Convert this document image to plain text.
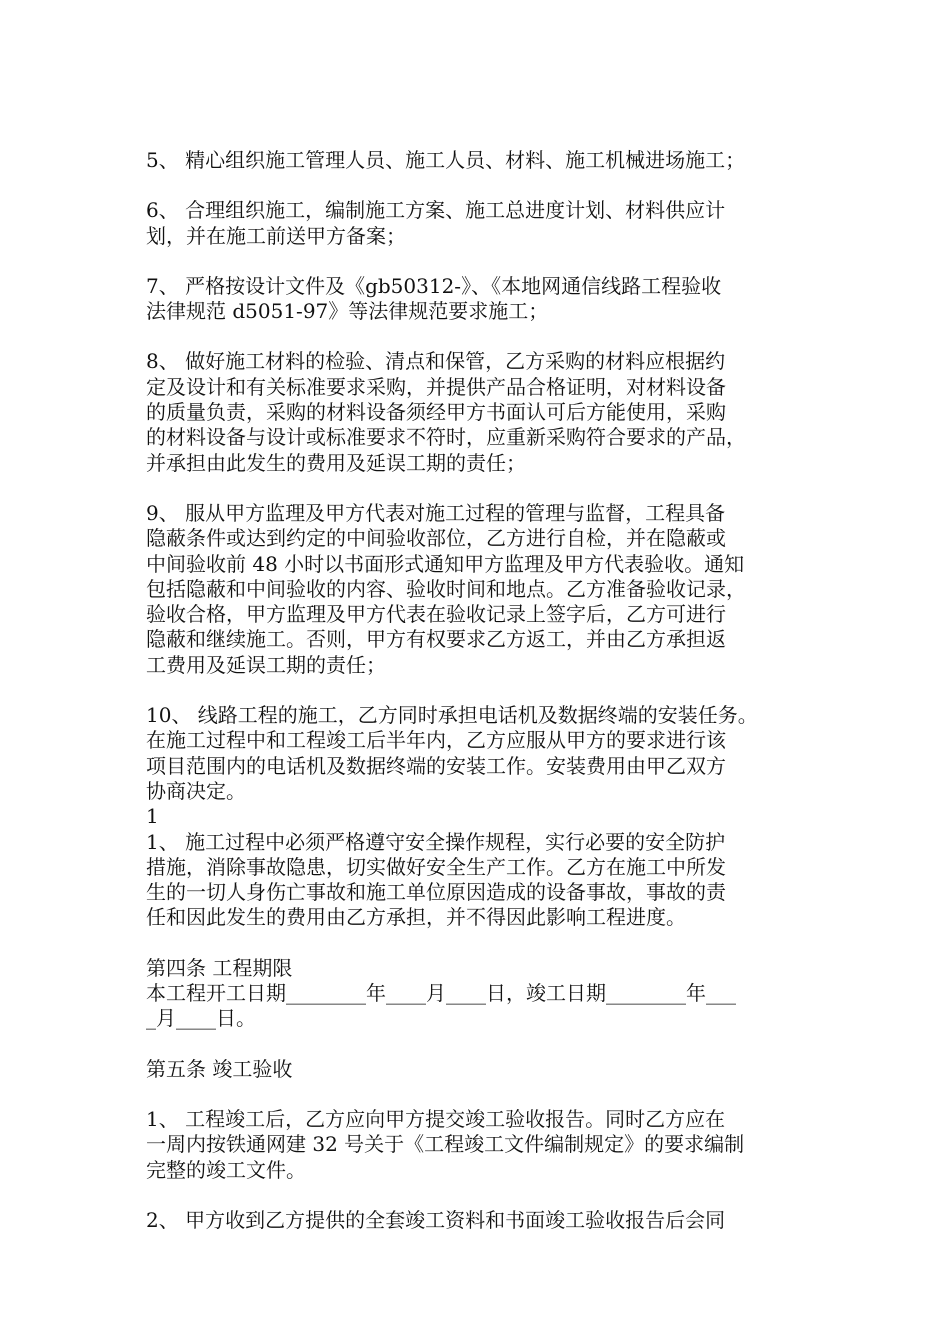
5、 精心组织施工管理人员、施工人员、材料、施工机械进场施工；
6、 合理组织施工，编制施工方案、施工总进度计划、材料供应计
划，并在施工前送甲方备案；
7、 严格按设计文件及《gb50312-》、《本地网通信线路工程验收
法律规范 d5051-97》等法律规范要求施工；
8、 做好施工材料的检验、清点和保管，乙方采购的材料应根据约
定及设计和有关标准要求采购，并提供产品合格证明，对材料设备
的质量负责，采购的材料设备须经甲方书面认可后方能使用，采购
的材料设备与设计或标准要求不符时，应重新采购符合要求的产品，
并承担由此发生的费用及延误工期的责任；
9、 服从甲方监理及甲方代表对施工过程的管理与监督，工程具备
隐蔽条件或达到约定的中间验收部位，乙方进行自检，并在隐蔽或
中间验收前 48 小时以书面形式通知甲方监理及甲方代表验收。通知
包括隐蔽和中间验收的内容、验收时间和地点。乙方准备验收记录，
验收合格，甲方监理及甲方代表在验收记录上签字后，乙方可进行
隐蔽和继续施工。否则，甲方有权要求乙方返工，并由乙方承担返
工费用及延误工期的责任；
10、 线路工程的施工，乙方同时承担电话机及数据终端的安装任务。
在施工过程中和工程竣工后半年内，乙方应服从甲方的要求进行该
项目范围内的电话机及数据终端的安装工作。安装费用由甲乙双方
协商决定。
1
1、 施工过程中必须严格遵守安全操作规程，实行必要的安全防护
措施，消除事故隐患，切实做好安全生产工作。乙方在施工中所发
生的一切人身伤亡事故和施工单位原因造成的设备事故，事故的责
任和因此发生的费用由乙方承担，并不得因此影响工程进度。
第四条 工程期限
本工程开工日期________年____月____日，竣工日期________年___
_月____日。
第五条 竣工验收
1、 工程竣工后，乙方应向甲方提交竣工验收报告。同时乙方应在
一周内按铁通网建 32 号关于《工程竣工文件编制规定》的要求编制
完整的竣工文件。
2、 甲方收到乙方提供的全套竣工资料和书面竣工验收报告后会同
